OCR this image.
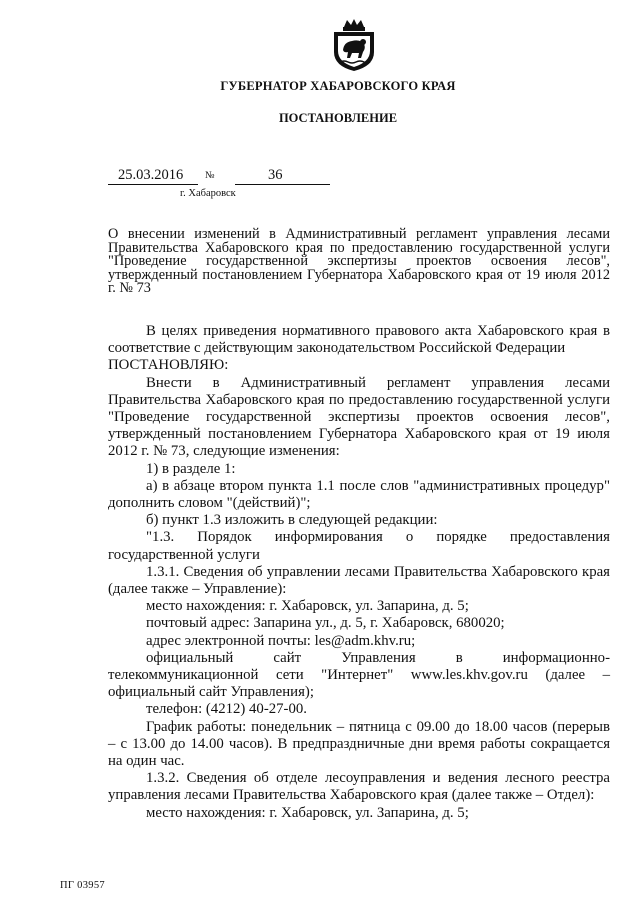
ГУБЕРНАТОР ХАБАРОВСКОГО КРАЯ
ПОСТАНОВЛЕНИЕ
25.03.2016 №	36
г. Хабаровск
О внесении изменений в Административный регламент управления лесами Правительства Хабаровского края по предоставлению государственной услуги "Проведение государственной экспертизы проектов освоения лесов", утвержденный постановлением Губернатора Хабаровского края от 19 июля 2012 г. № 73

В целях приведения нормативного правового акта Хабаровского края в соответствие с действующим законодательством Российской Федерации

ПОСТАНОВЛЯЮ:

Внести в Административный регламент управления лесами Правительства Хабаровского края по предоставлению государственной услуги "Проведение государственной экспертизы проектов освоения лесов", утвержденный постановлением Губернатора Хабаровского края от 19 июля 2012 г. № 73, следующие изменения:

1) в разделе 1:

а) в абзаце втором пункта 1.1 после слов "административных процедур" дополнить словом "(действий)";

б) пункт 1.3 изложить в следующей редакции:

"1.3. Порядок информирования о порядке предоставления государственной услуги

1.3.1. Сведения об управлении лесами Правительства Хабаровского края (далее также – Управление):

место нахождения: г. Хабаровск, ул. Запарина, д. 5;

почтовый адрес: Запарина ул., д. 5, г. Хабаровск, 680020;

адрес электронной почты: les@adm.khv.ru;

официальный сайт Управления в информационно-телекоммуникационной сети "Интернет" www.les.khv.gov.ru (далее – официальный сайт Управления);

телефон: (4212) 40-27-00.

График работы: понедельник – пятница с 09.00 до 18.00 часов (перерыв – с 13.00 до 14.00 часов). В предпраздничные дни время работы сокращается на один час.

1.3.2. Сведения об отделе лесоуправления и ведения лесного реестра управления лесами Правительства Хабаровского края (далее также – Отдел):

место нахождения: г. Хабаровск, ул. Запарина, д. 5;

ПГ 03957
